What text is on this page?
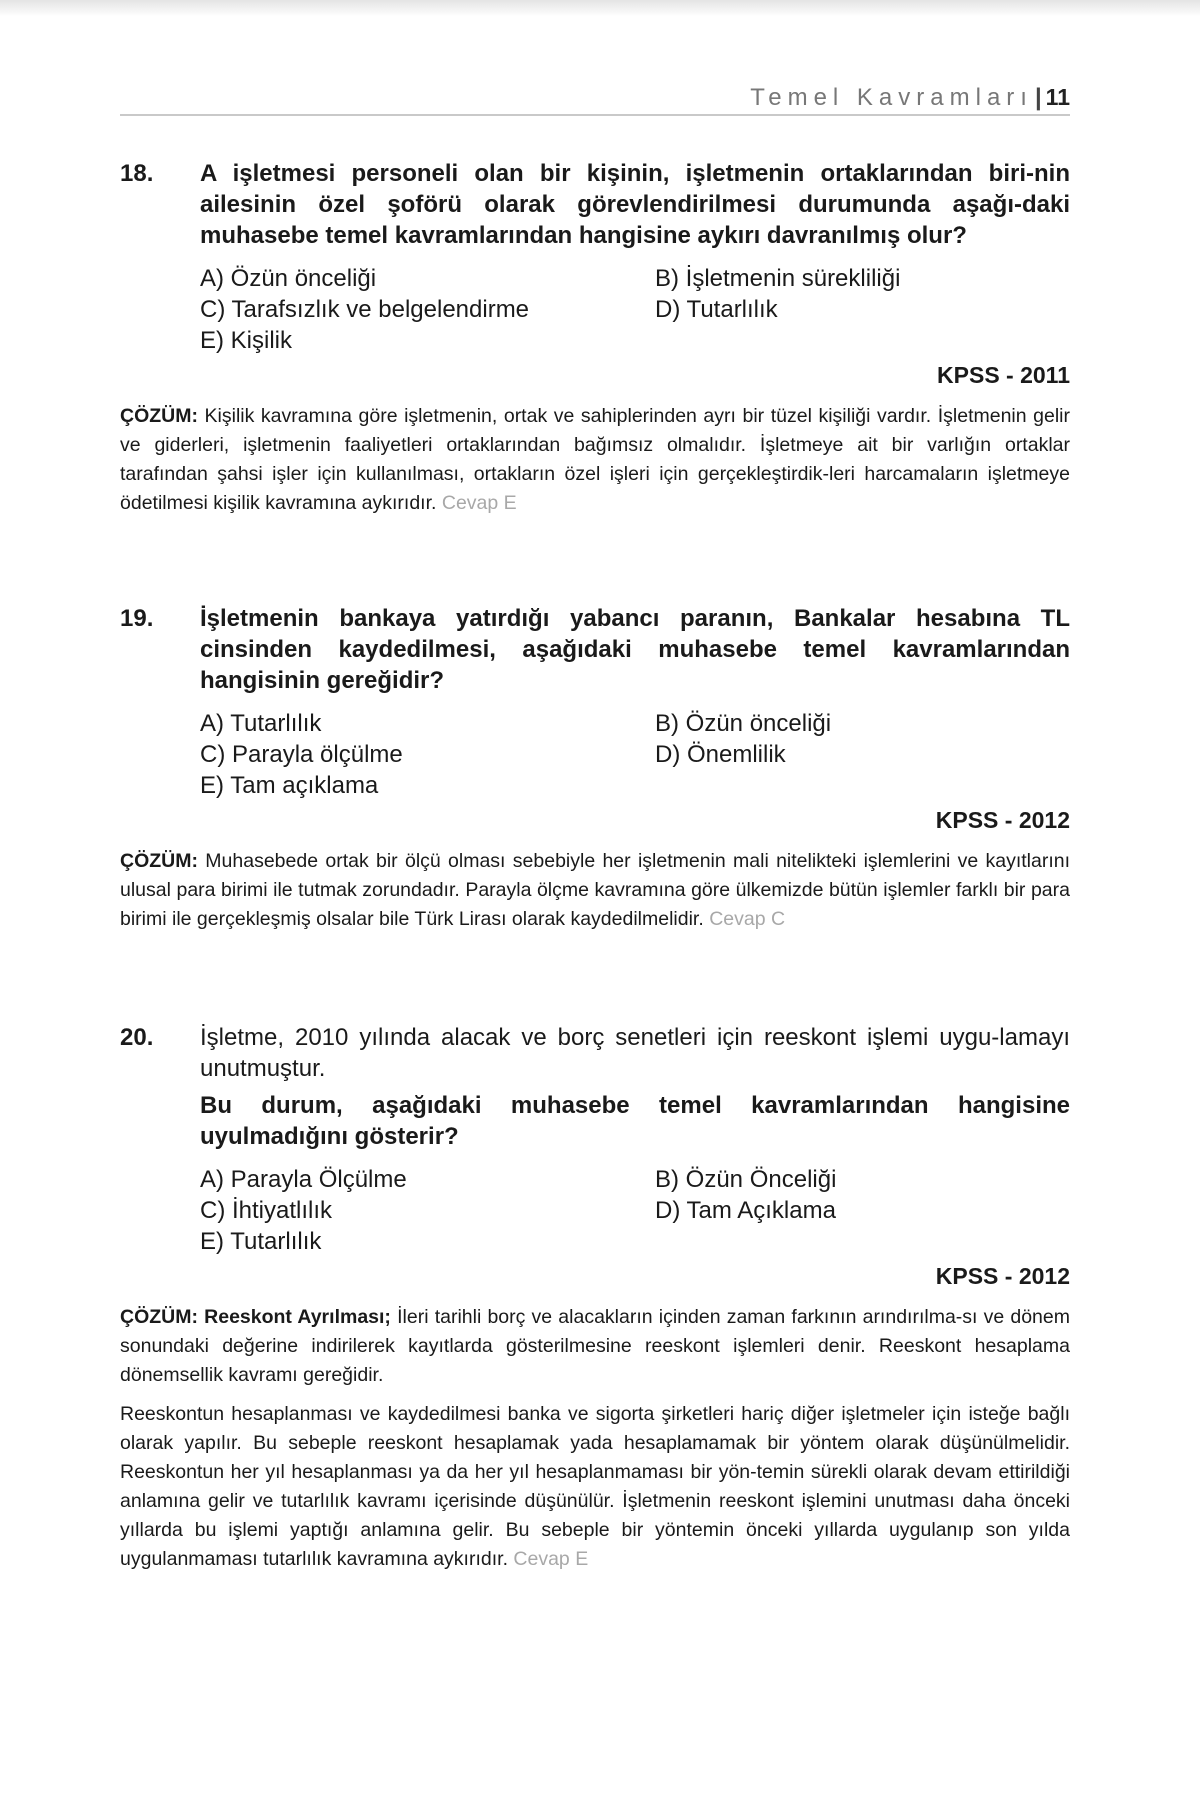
Temel Kavramları| 11
18. A işletmesi personeli olan bir kişinin, işletmenin ortaklarından biri-nin ailesinin özel şoförü olarak görevlendirilmesi durumunda aşağı-daki muhasebe temel kavramlarından hangisine aykırı davranılmış olur?
A) Özün önceliği	B) İşletmenin sürekliliği
C) Tarafsızlık ve belgelendirme	D) Tutarlılık
E) Kişilik
KPSS - 2011
ÇÖZÜM: Kişilik kavramına göre işletmenin, ortak ve sahiplerinden ayrı bir tüzel kişiliği vardır. İşletmenin gelir ve giderleri, işletmenin faaliyetleri ortaklarından bağımsız olmalıdır. İşletmeye ait bir varlığın ortaklar tarafından şahsi işler için kullanılması, ortakların özel işleri için gerçekleştirdik-leri harcamaların işletmeye ödetilmesi kişilik kavramına aykırıdır. Cevap E
19. İşletmenin bankaya yatırdığı yabancı paranın, Bankalar hesabına TL cinsinden kaydedilmesi, aşağıdaki muhasebe temel kavramlarından hangisinin gereğidir?
A) Tutarlılık	B) Özün önceliği
C) Parayla ölçülme	D) Önemlilik
E) Tam açıklama
KPSS - 2012
ÇÖZÜM: Muhasebede ortak bir ölçü olması sebebiyle her işletmenin mali nitelikteki işlemlerini ve kayıtlarını ulusal para birimi ile tutmak zorundadır. Parayla ölçme kavramına göre ülkemizde bütün işlemler farklı bir para birimi ile gerçekleşmiş olsalar bile Türk Lirası olarak kaydedilmelidir. Cevap C
20. İşletme, 2010 yılında alacak ve borç senetleri için reeskont işlemi uygu-lamayı unutmuştur.
Bu durum, aşağıdaki muhasebe temel kavramlarından hangisine uyulmadığını gösterir?
A) Parayla Ölçülme	B) Özün Önceliği
C) İhtiyatlılık	D) Tam Açıklama
E) Tutarlılık
KPSS - 2012
ÇÖZÜM: Reeskont Ayrılması; İleri tarihli borç ve alacakların içinden zaman farkının arındırılma-sı ve dönem sonundaki değerine indirilerek kayıtlarda gösterilmesine reeskont işlemleri denir. Reeskont hesaplama dönemsellik kavramı gereğidir.
Reeskontun hesaplanması ve kaydedilmesi banka ve sigorta şirketleri hariç diğer işletmeler için isteğe bağlı olarak yapılır. Bu sebeple reeskont hesaplamak yada hesaplamamak bir yöntem olarak düşünülmelidir. Reeskontun her yıl hesaplanması ya da her yıl hesaplanmaması bir yön-temin sürekli olarak devam ettirildiği anlamına gelir ve tutarlılık kavramı içerisinde düşünülür. İşletmenin reeskont işlemini unutması daha önceki yıllarda bu işlemi yaptığı anlamına gelir. Bu sebeple bir yöntemin önceki yıllarda uygulanıp son yılda uygulanmaması tutarlılık kavramına aykırıdır. Cevap E
